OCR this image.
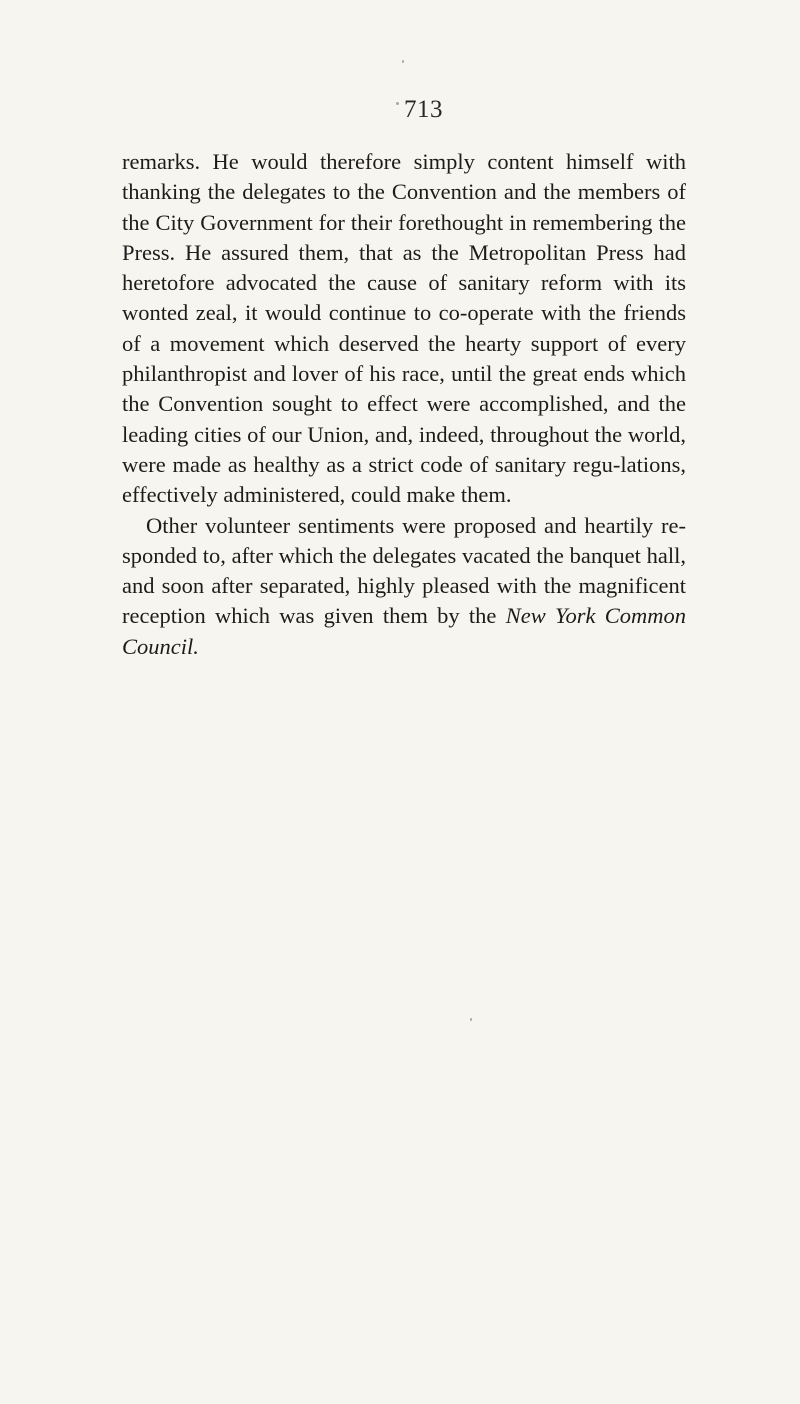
713

remarks. He would therefore simply content himself with thanking the delegates to the Convention and the members of the City Government for their forethought in remembering the Press. He assured them, that as the Metropolitan Press had heretofore advocated the cause of sanitary reform with its wonted zeal, it would continue to co-operate with the friends of a movement which deserved the hearty support of every philanthropist and lover of his race, until the great ends which the Convention sought to effect were accomplished, and the leading cities of our Union, and, indeed, throughout the world, were made as healthy as a strict code of sanitary regu-lations, effectively administered, could make them.

Other volunteer sentiments were proposed and heartily re-sponded to, after which the delegates vacated the banquet hall, and soon after separated, highly pleased with the magnificent reception which was given them by the New York Common Council.
